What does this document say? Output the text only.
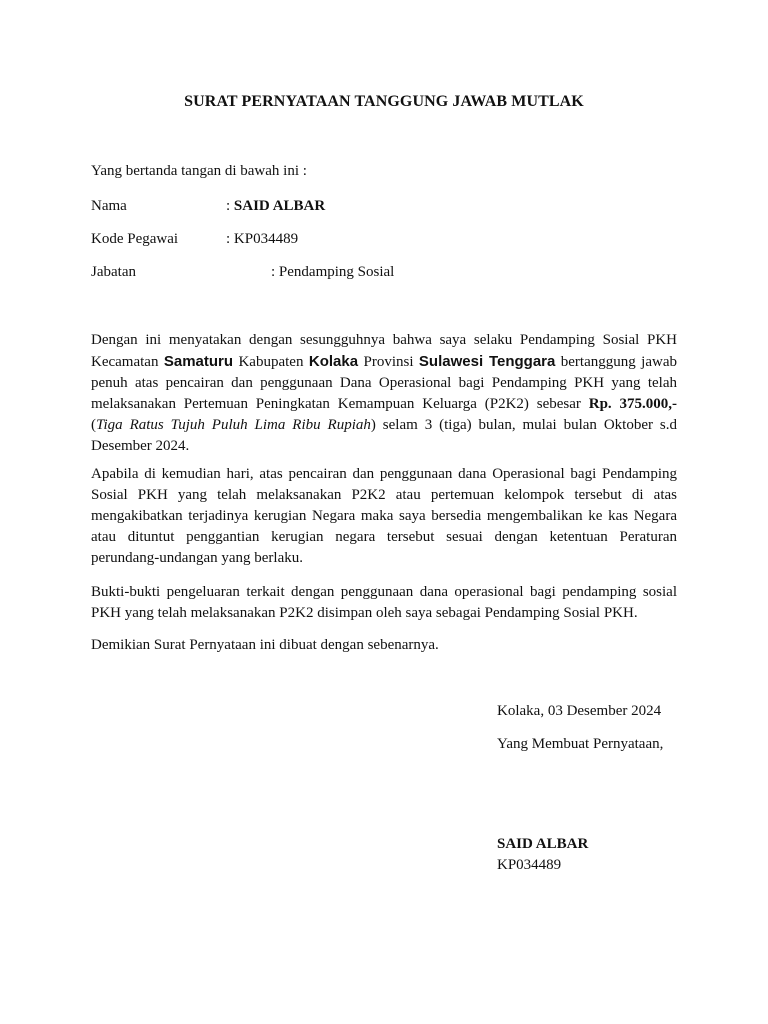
SURAT PERNYATAAN TANGGUNG JAWAB MUTLAK
Yang bertanda tangan di bawah ini :
Nama	: SAID ALBAR
Kode Pegawai	: KP034489
Jabatan	: Pendamping Sosial
Dengan ini menyatakan dengan sesungguhnya bahwa saya selaku Pendamping Sosial PKH Kecamatan Samaturu Kabupaten Kolaka Provinsi Sulawesi Tenggara bertanggung jawab penuh atas pencairan dan penggunaan Dana Operasional bagi Pendamping PKH yang telah melaksanakan Pertemuan Peningkatan Kemampuan Keluarga (P2K2) sebesar Rp. 375.000,- (Tiga Ratus Tujuh Puluh Lima Ribu Rupiah) selam 3 (tiga) bulan, mulai bulan Oktober s.d Desember 2024.
Apabila di kemudian hari, atas pencairan dan penggunaan dana Operasional bagi Pendamping Sosial PKH yang telah melaksanakan P2K2 atau pertemuan kelompok tersebut di atas mengakibatkan terjadinya kerugian Negara maka saya bersedia mengembalikan ke kas Negara atau dituntut penggantian kerugian negara tersebut sesuai dengan ketentuan Peraturan perundang-undangan yang berlaku.
Bukti-bukti pengeluaran terkait dengan penggunaan dana operasional bagi pendamping sosial PKH yang telah melaksanakan P2K2 disimpan oleh saya sebagai Pendamping Sosial PKH.
Demikian Surat Pernyataan ini dibuat dengan sebenarnya.
Kolaka, 03 Desember 2024
Yang Membuat Pernyataan,
SAID ALBAR
KP034489
